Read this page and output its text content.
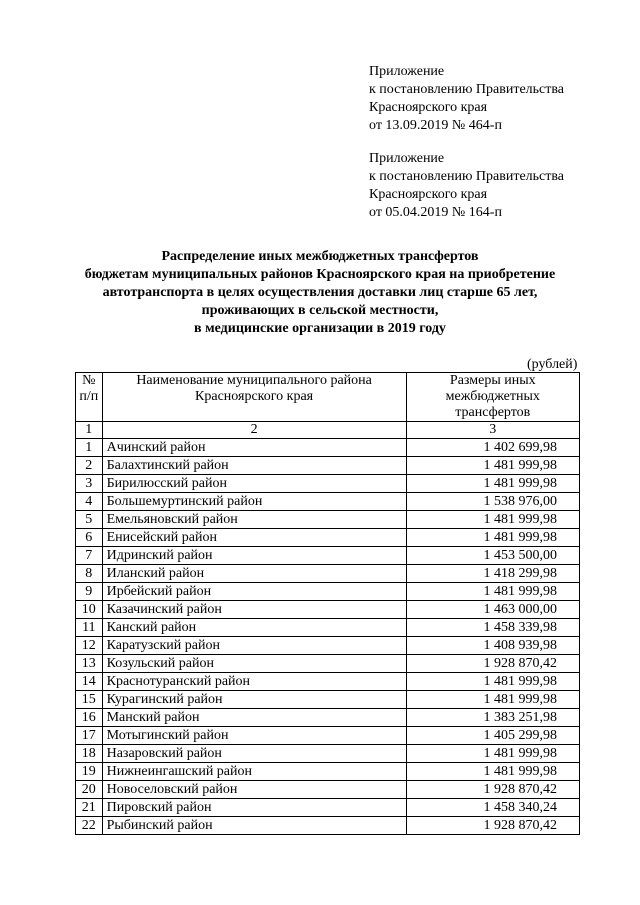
Приложение
к постановлению Правительства
Красноярского края
от 13.09.2019 № 464-п
Приложение
к постановлению Правительства
Красноярского края
от 05.04.2019 № 164-п
Распределение иных межбюджетных трансфертов
бюджетам муниципальных районов Красноярского края на приобретение
автотранспорта в целях осуществления доставки лиц старше 65 лет,
проживающих в сельской местности,
в медицинские организации в 2019 году
(рублей)
№ п/п	Наименование муниципального района Красноярского края	Размеры иных межбюджетных трансфертов
1	2	3
1	Ачинский район	1 402 699,98
2	Балахтинский район	1 481 999,98
3	Бирилюсский район	1 481 999,98
4	Большемуртинский район	1 538 976,00
5	Емельяновский район	1 481 999,98
6	Енисейский район	1 481 999,98
7	Идринский район	1 453 500,00
8	Иланский район	1 418 299,98
9	Ирбейский район	1 481 999,98
10	Казачинский район	1 463 000,00
11	Канский район	1 458 339,98
12	Каратузский район	1 408 939,98
13	Козульский район	1 928 870,42
14	Краснотуранский район	1 481 999,98
15	Курагинский район	1 481 999,98
16	Манский район	1 383 251,98
17	Мотыгинский район	1 405 299,98
18	Назаровский район	1 481 999,98
19	Нижнеингашский район	1 481 999,98
20	Новоселовский район	1 928 870,42
21	Пировский район	1 458 340,24
22	Рыбинский район	1 928 870,42
